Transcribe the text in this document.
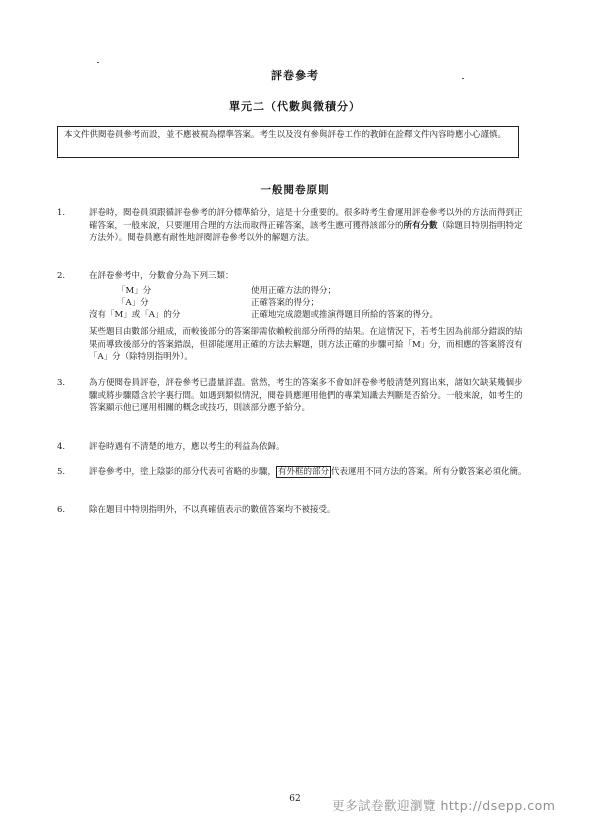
評卷參考
單元二（代數與微積分）
本文件供閱卷員參考而設，並不應被視為標準答案。考生以及沒有參與評卷工作的教師在詮釋文件內容時應小心謹慎。
一般閱卷原則
1.	評卷時，閱卷員須跟循評卷參考的評分標準給分，這是十分重要的。很多時考生會運用評卷參考以外的方法而得到正確答案，一般來說，只要運用合理的方法而取得正確答案，該考生應可獲得該部分的所有分數（除題目特別指明特定方法外）。閱卷員應有耐性地評閱評卷參考以外的解題方法。
2.	在評卷參考中，分數會分為下列三類：
「M」分	使用正確方法的得分；
「A」分	正確答案的得分；
沒有「M」或「A」的分	正確地完成證題或推演得題目所給的答案的得分。
某些題目由數部分組成，而較後部分的答案卻需依賴較前部分所得的結果。在這情況下，若考生因為前部分錯誤的結果而導致後部分的答案錯誤，但卻能運用正確的方法去解題，則方法正確的步驟可給「M」分，而相應的答案將沒有「A」分（除特別指明外）。
3.	為方便閱卷員評卷，評卷參考已盡量詳盡。當然，考生的答案多不會如評卷參考般清楚列寫出來，諸如欠缺某幾個步驟或將步驟隱含於字裏行間。如遇到類似情況，閱卷員應運用他們的專業知識去判斷是否給分。一般來說，如考生的答案顯示他已運用相關的概念或技巧，則該部分應予給分。
4.	評卷時遇有不清楚的地方，應以考生的利益為依歸。
5.	評卷參考中，塗上陰影的部分代表可省略的步驟， 有外框的部分 代表運用不同方法的答案。所有分數答案必須化簡。
6.	除在題目中特別指明外，不以真確值表示的數值答案均不被接受。
62	更多試卷歡迎瀏覽 http://dsepp.com
